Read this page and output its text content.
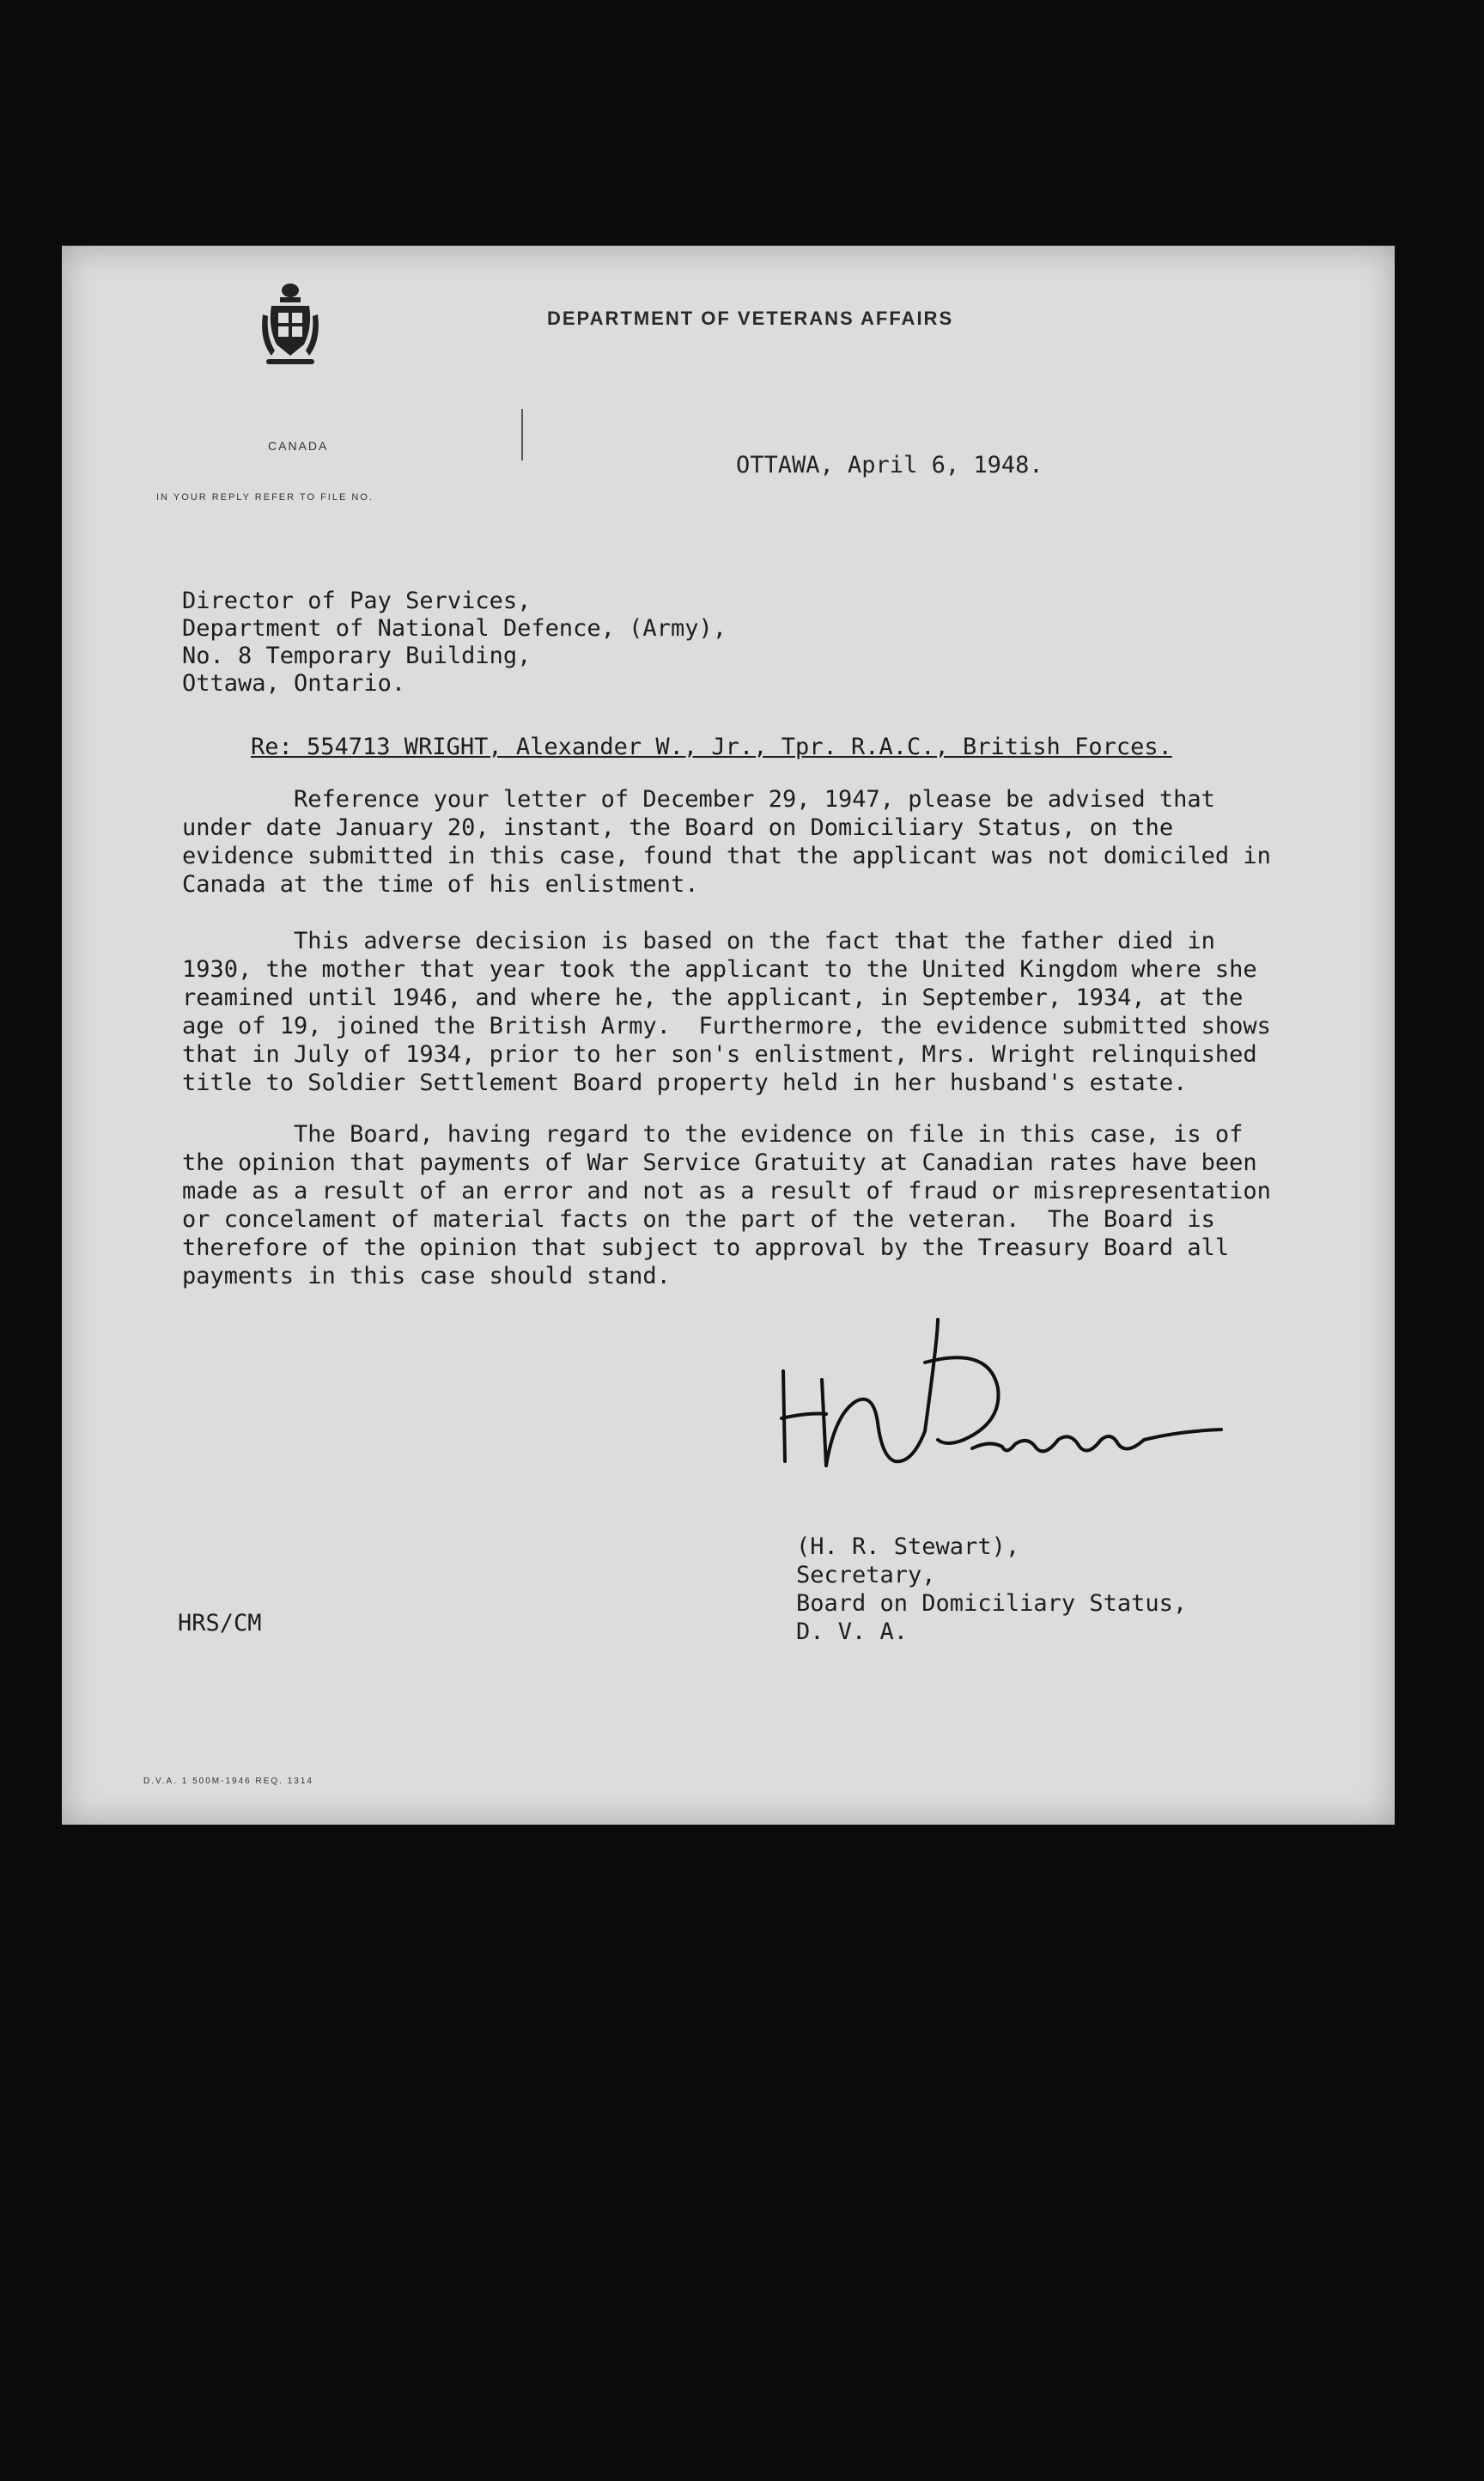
DEPARTMENT OF VETERANS AFFAIRS
CANADA
IN YOUR REPLY REFER TO FILE NO.
OTTAWA, April 6, 1948.
Director of Pay Services,
Department of National Defence, (Army),
No. 8 Temporary Building,
Ottawa, Ontario.
Re: 554713 WRIGHT, Alexander W., Jr., Tpr. R.A.C., British Forces.
Reference your letter of December 29, 1947, please be advised that
under date January 20, instant, the Board on Domiciliary Status, on the
evidence submitted in this case, found that the applicant was not domiciled in
Canada at the time of his enlistment.
This adverse decision is based on the fact that the father died in
1930, the mother that year took the applicant to the United Kingdom where she
reamined until 1946, and where he, the applicant, in September, 1934, at the
age of 19, joined the British Army.  Furthermore, the evidence submitted shows
that in July of 1934, prior to her son's enlistment, Mrs. Wright relinquished
title to Soldier Settlement Board property held in her husband's estate.
The Board, having regard to the evidence on file in this case, is of
the opinion that payments of War Service Gratuity at Canadian rates have been
made as a result of an error and not as a result of fraud or misrepresentation
or concelament of material facts on the part of the veteran.  The Board is
therefore of the opinion that subject to approval by the Treasury Board all
payments in this case should stand.
(H. R. Stewart),
Secretary,
Board on Domiciliary Status,
D. V. A.
HRS/CM
D.V.A. 1 500M-1946 REQ. 1314
